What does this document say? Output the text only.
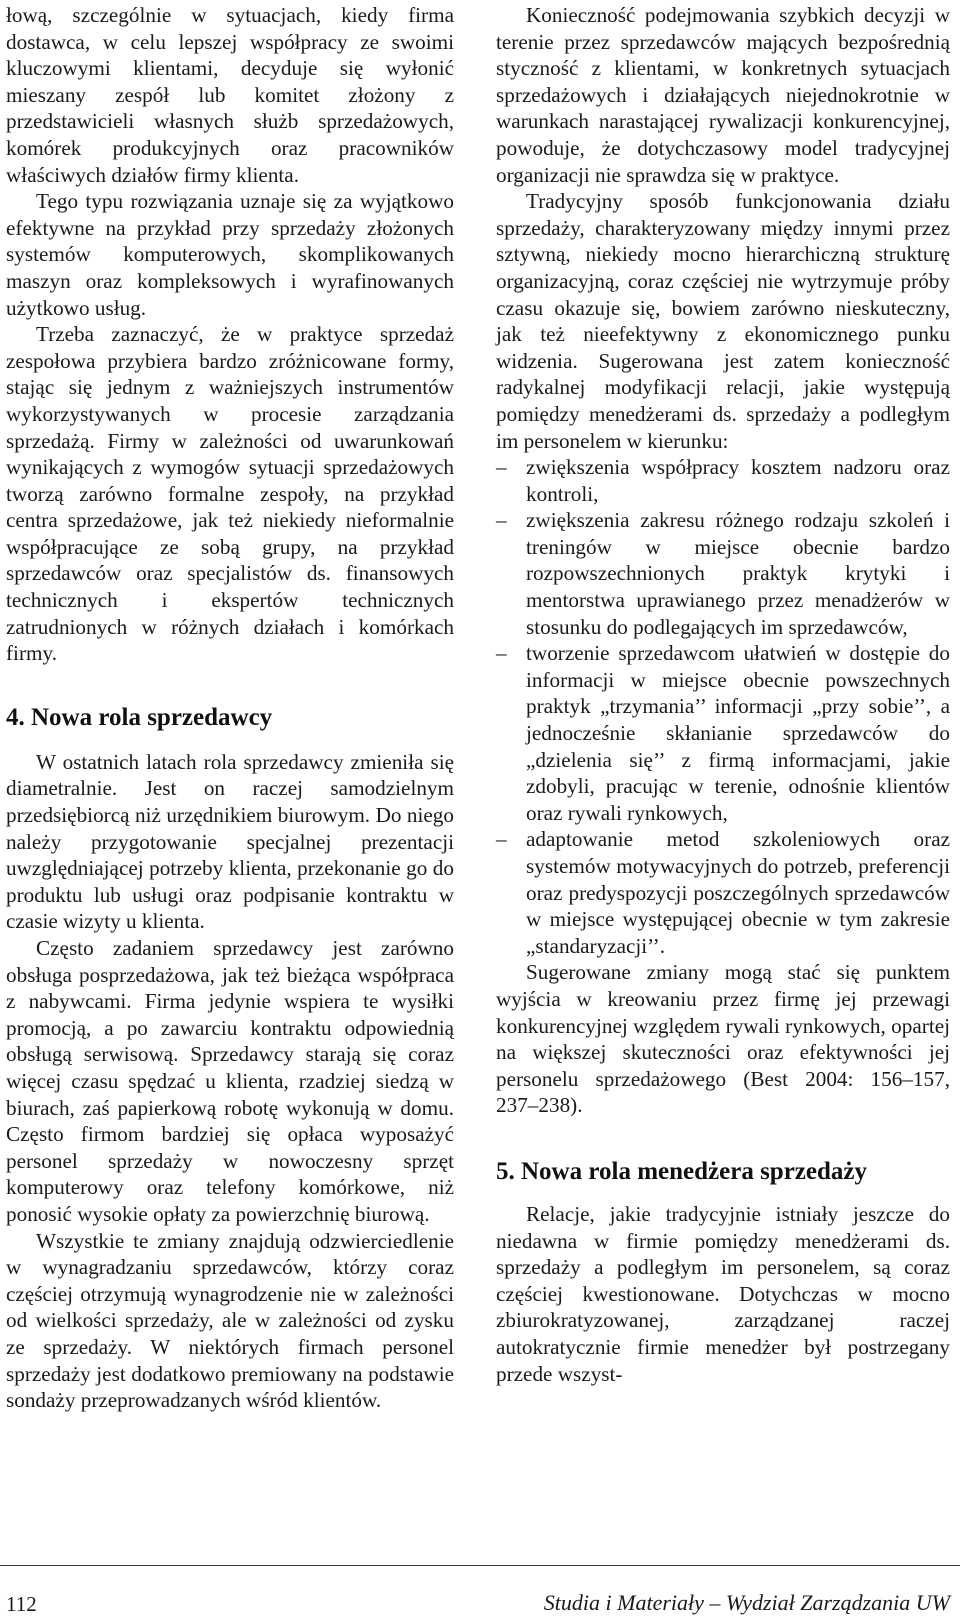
łową, szczególnie w sytuacjach, kiedy firma dostawca, w celu lepszej współpracy ze swoimi kluczowymi klientami, decyduje się wyłonić mieszany zespół lub komitet złożony z przedstawicieli własnych służb sprzedażowych, komórek produkcyjnych oraz pracowników właściwych działów firmy klienta.

Tego typu rozwiązania uznaje się za wyjątkowo efektywne na przykład przy sprzedaży złożonych systemów komputerowych, skomplikowanych maszyn oraz kompleksowych i wyrafinowanych użytkowo usług.

Trzeba zaznaczyć, że w praktyce sprzedaż zespołowa przybiera bardzo zróżnicowane formy, stając się jednym z ważniejszych instrumentów wykorzystywanych w procesie zarządzania sprzedażą. Firmy w zależności od uwarunkowań wynikających z wymogów sytuacji sprzedażowych tworzą zarówno formalne zespoły, na przykład centra sprzedażowe, jak też niekiedy nieformalnie współpracujące ze sobą grupy, na przykład sprzedawców oraz specjalistów ds. finansowych technicznych i ekspertów technicznych zatrudnionych w różnych działach i komórkach firmy.

4. Nowa rola sprzedawcy

W ostatnich latach rola sprzedawcy zmieniła się diametralnie. Jest on raczej samodzielnym przedsiębiorcą niż urzędnikiem biurowym. Do niego należy przygotowanie specjalnej prezentacji uwzględniającej potrzeby klienta, przekonanie go do produktu lub usługi oraz podpisanie kontraktu w czasie wizyty u klienta.

Często zadaniem sprzedawcy jest zarówno obsługa posprzedażowa, jak też bieżąca współpraca z nabywcami. Firma jedynie wspiera te wysiłki promocją, a po zawarciu kontraktu odpowiednią obsługą serwisową. Sprzedawcy starają się coraz więcej czasu spędzać u klienta, rzadziej siedzą w biurach, zaś papierkową robotę wykonują w domu. Często firmom bardziej się opłaca wyposażyć personel sprzedaży w nowoczesny sprzęt komputerowy oraz telefony komórkowe, niż ponosić wysokie opłaty za powierzchnię biurową.

Wszystkie te zmiany znajdują odzwierciedlenie w wynagradzaniu sprzedawców, którzy coraz częściej otrzymują wynagrodzenie nie w zależności od wielkości sprzedaży, ale w zależności od zysku ze sprzedaży. W niektórych firmach personel sprzedaży jest dodatkowo premiowany na podstawie sondaży przeprowadzanych wśród klientów.

Konieczność podejmowania szybkich decyzji w terenie przez sprzedawców mających bezpośrednią styczność z klientami, w konkretnych sytuacjach sprzedażowych i działających niejednokrotnie w warunkach narastającej rywalizacji konkurencyjnej, powoduje, że dotychczasowy model tradycyjnej organizacji nie sprawdza się w praktyce.

Tradycyjny sposób funkcjonowania działu sprzedaży, charakteryzowany między innymi przez sztywną, niekiedy mocno hierarchiczną strukturę organizacyjną, coraz częściej nie wytrzymuje próby czasu okazuje się, bowiem zarówno nieskuteczny, jak też nieefektywny z ekonomicznego punku widzenia. Sugerowana jest zatem konieczność radykalnej modyfikacji relacji, jakie występują pomiędzy menedżerami ds. sprzedaży a podległym im personelem w kierunku:

– zwiększenia współpracy kosztem nadzoru oraz kontroli,
– zwiększenia zakresu różnego rodzaju szkoleń i treningów w miejsce obecnie bardzo rozpowszechnionych praktyk krytyki i mentorstwa uprawianego przez menadżerów w stosunku do podlegających im sprzedawców,
– tworzenie sprzedawcom ułatwień w dostępie do informacji w miejsce obecnie powszechnych praktyk „trzymania’’ informacji „przy sobie’’, a jednocześnie skłanianie sprzedawców do „dzielenia się’’ z firmą informacjami, jakie zdobyli, pracując w terenie, odnośnie klientów oraz rywali rynkowych,
– adaptowanie metod szkoleniowych oraz systemów motywacyjnych do potrzeb, preferencji oraz predyspozycji poszczególnych sprzedawców w miejsce występującej obecnie w tym zakresie „standaryzacji’’.

Sugerowane zmiany mogą stać się punktem wyjścia w kreowaniu przez firmę jej przewagi konkurencyjnej względem rywali rynkowych, opartej na większej skuteczności oraz efektywności jej personelu sprzedażowego (Best 2004: 156–157, 237–238).

5. Nowa rola menedżera sprzedaży

Relacje, jakie tradycyjnie istniały jeszcze do niedawna w firmie pomiędzy menedżerami ds. sprzedaży a podległym im personelem, są coraz częściej kwestionowane. Dotychczas w mocno zbiurokratyzowanej, zarządzanej raczej autokratycznie firmie menedżer był postrzegany przede wszyst-

112	Studia i Materiały – Wydział Zarządzania UW
